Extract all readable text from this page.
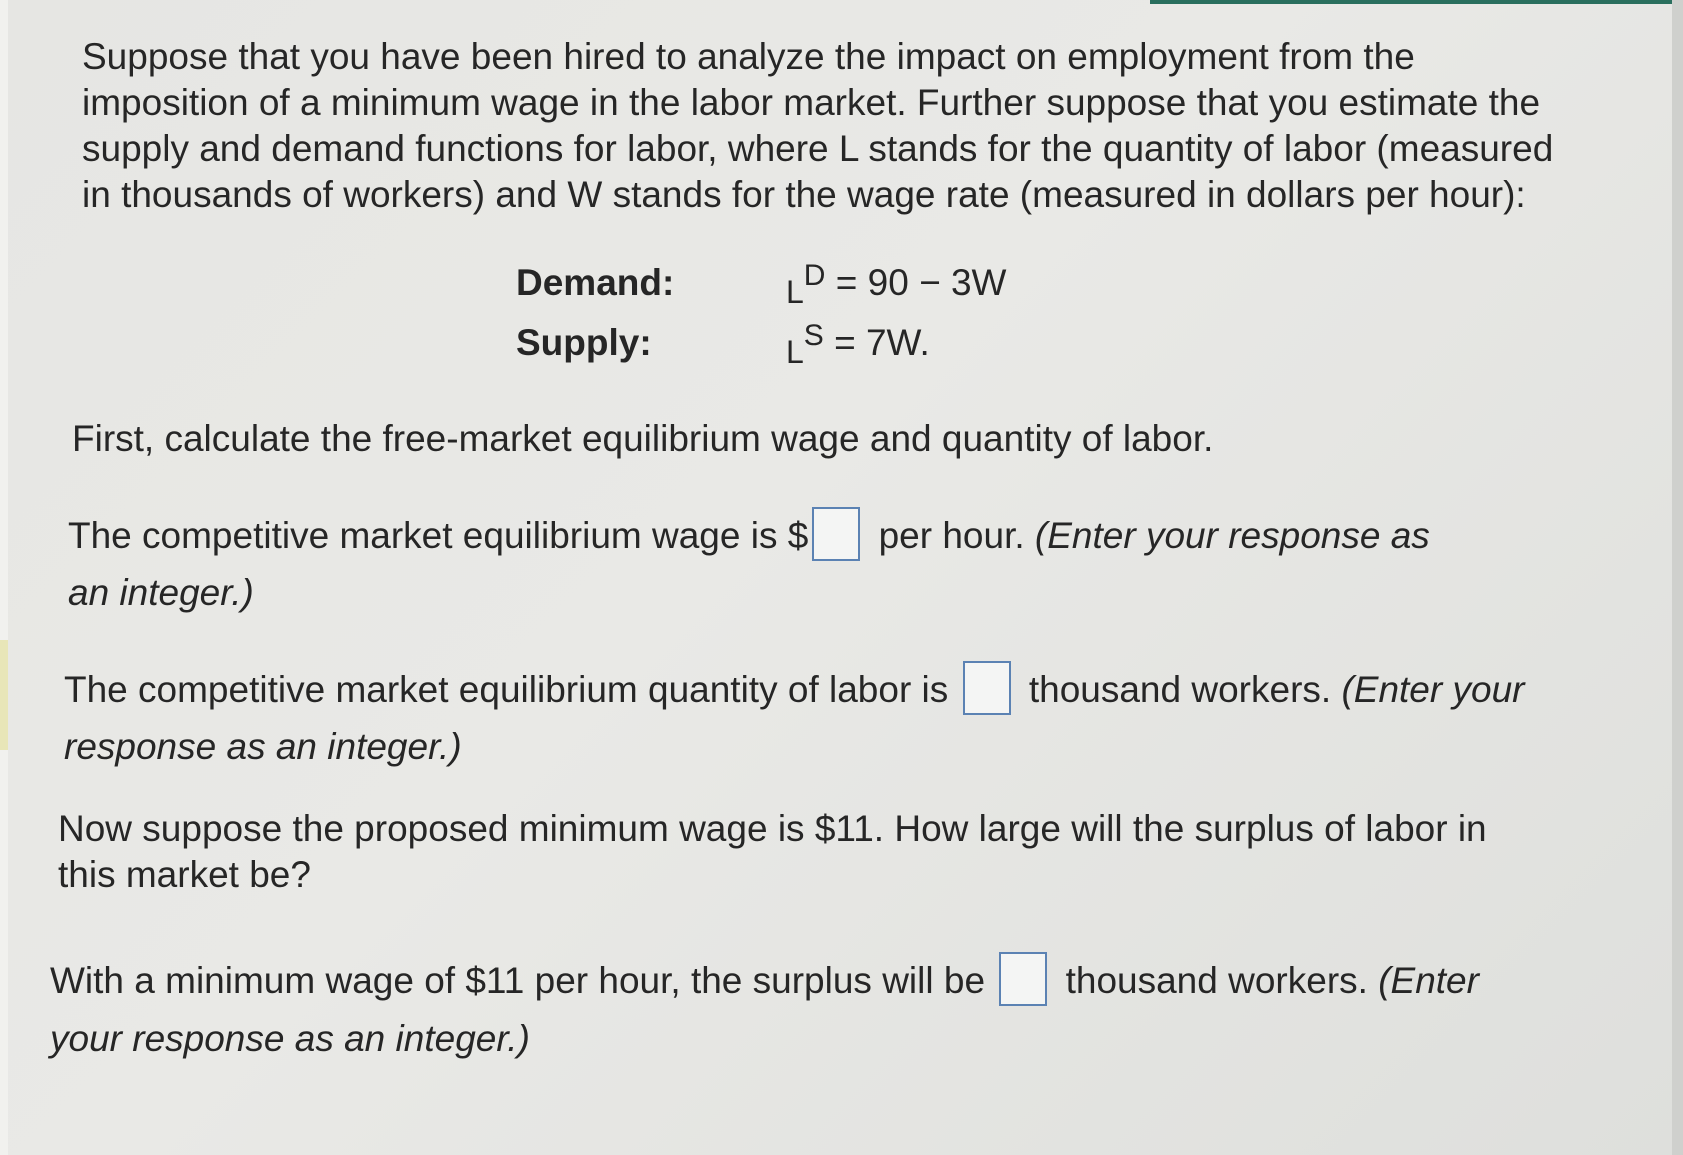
Suppose that you have been hired to analyze the impact on employment from the
imposition of a minimum wage in the labor market. Further suppose that you estimate the
supply and demand functions for labor, where L stands for the quantity of labor (measured
in thousands of workers) and W stands for the wage rate (measured in dollars per hour):
Demand:	$L^D = 90 - 3W$
Supply:	$L^S = 7W$.
First, calculate the free-market equilibrium wage and quantity of labor.
The competitive market equilibrium wage is $ per hour. (Enter your response as
an integer.)
The competitive market equilibrium quantity of labor is  thousand workers. (Enter your
response as an integer.)
Now suppose the proposed minimum wage is $11. How large will the surplus of labor in
this market be?
With a minimum wage of $11 per hour, the surplus will be  thousand workers. (Enter
your response as an integer.)
